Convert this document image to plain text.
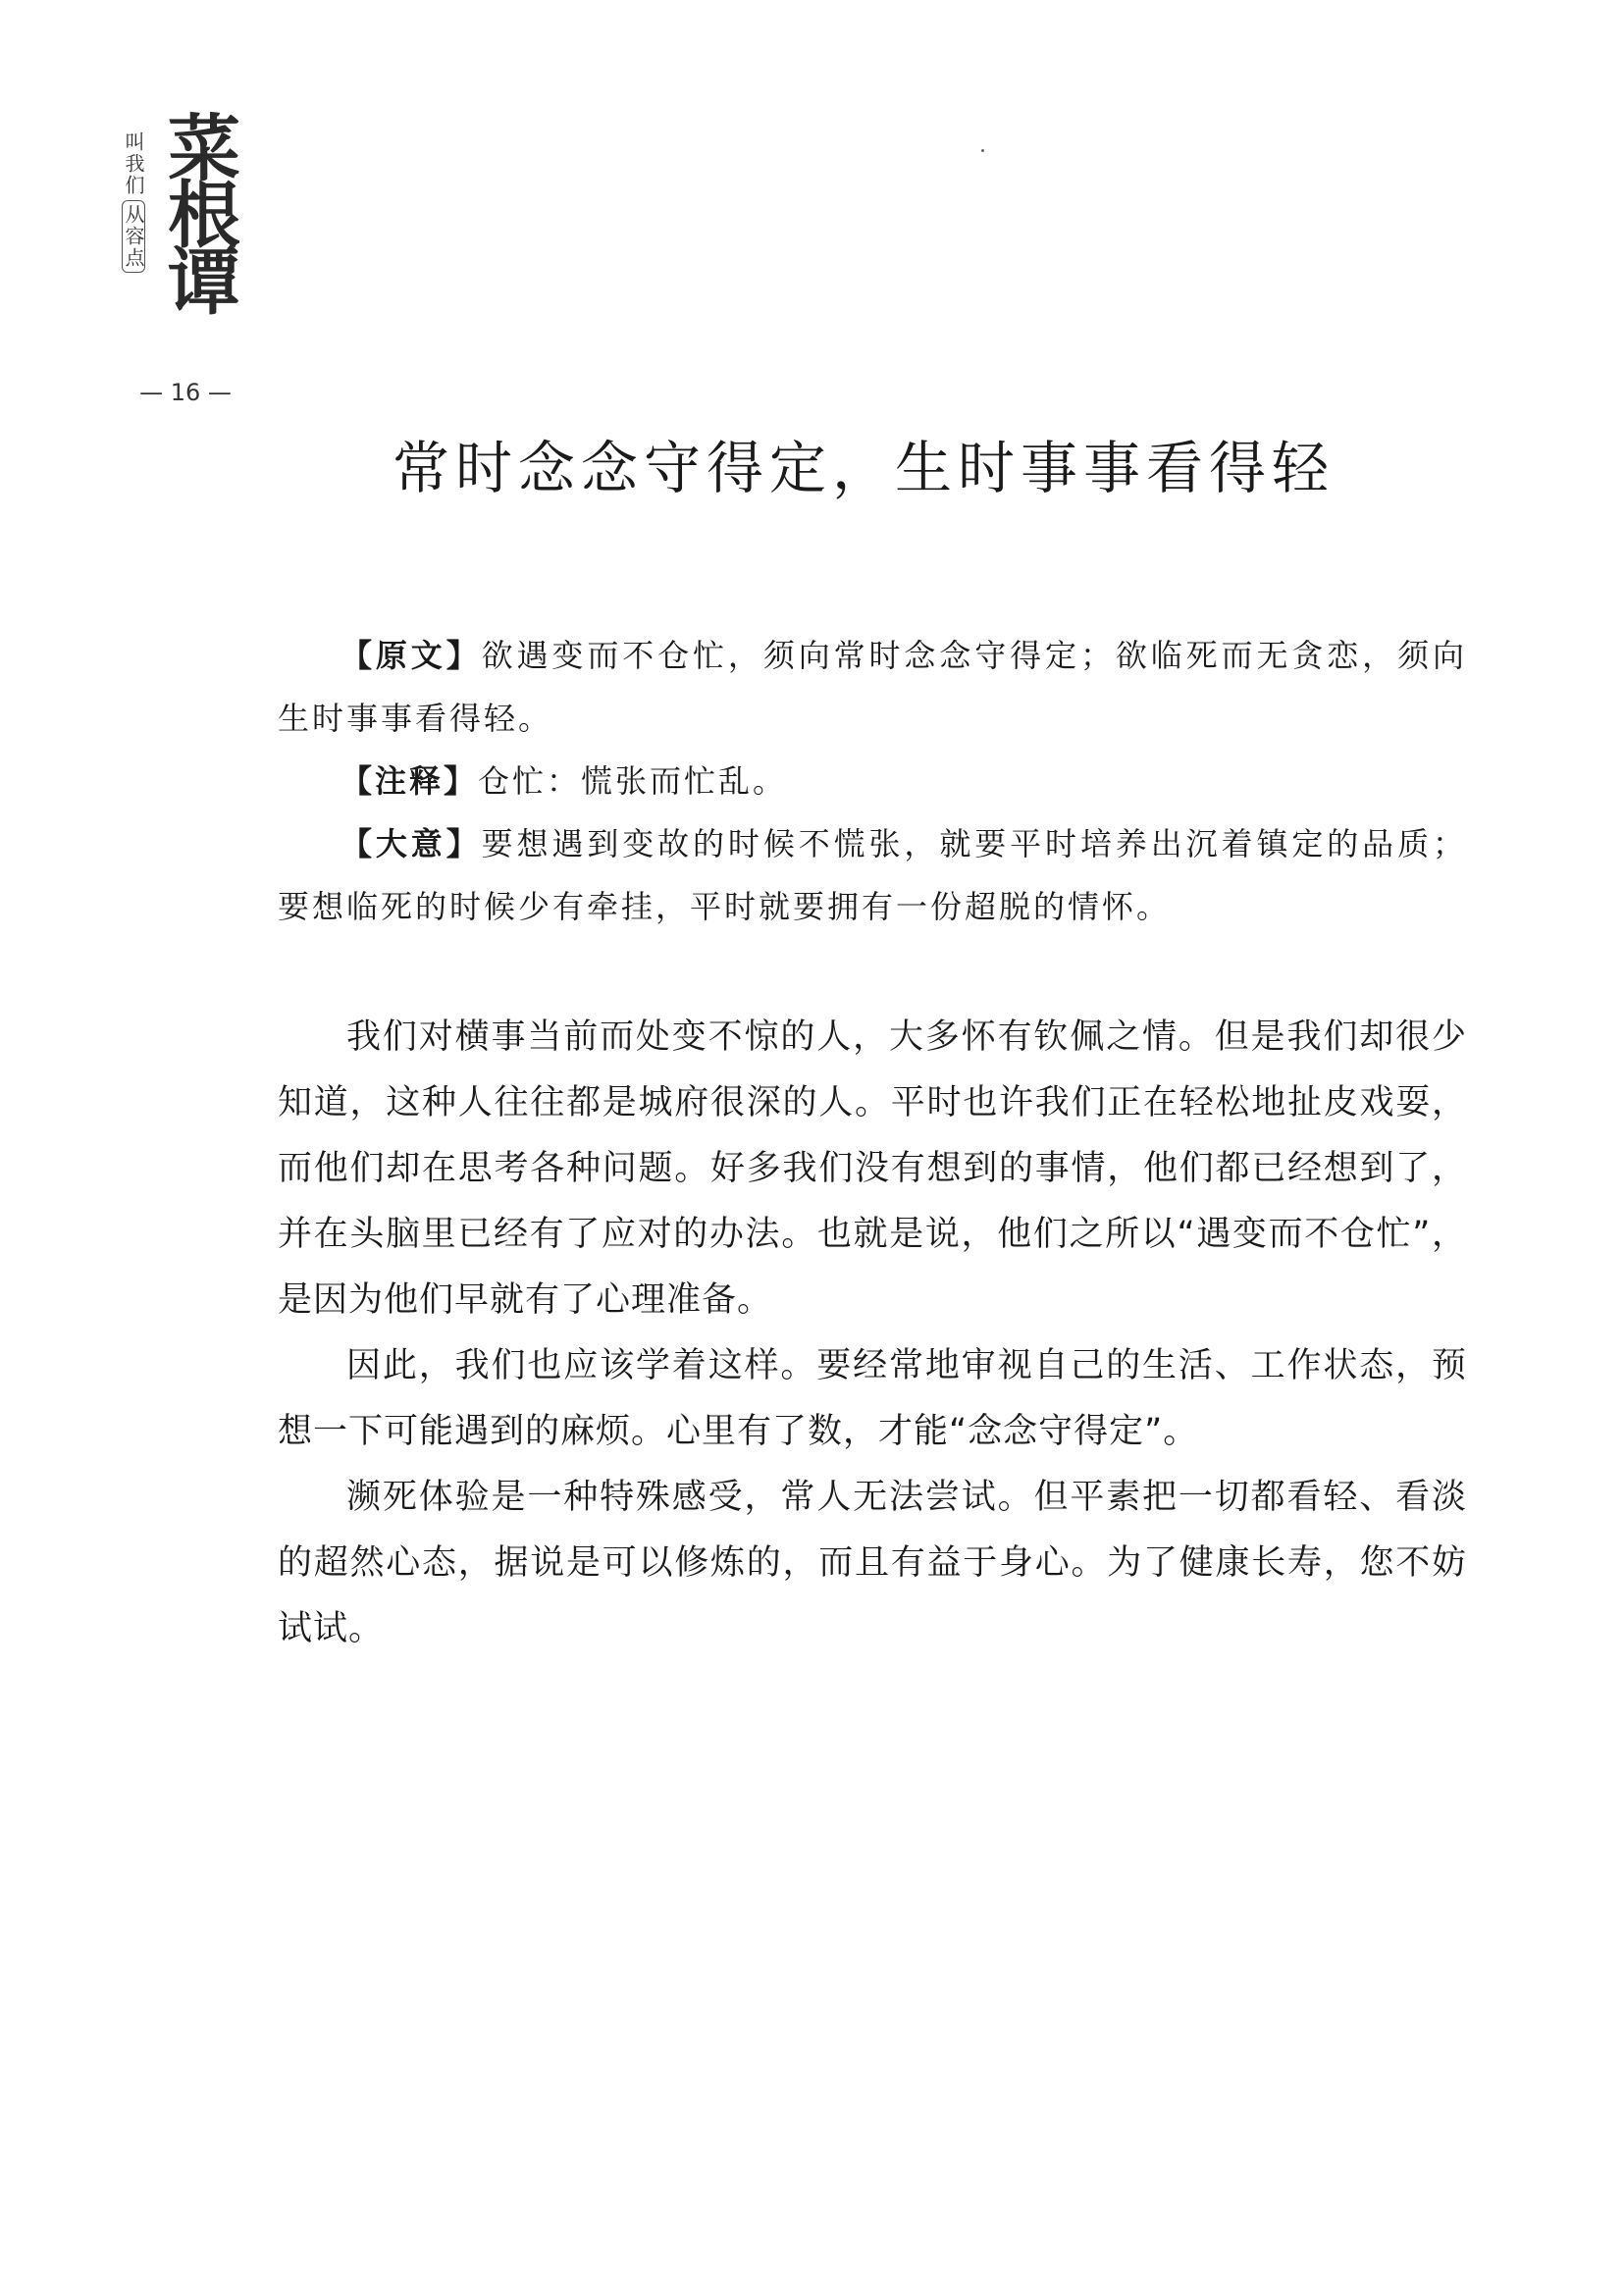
叫我们从容点 菜根谭
— 16 —
常时念念守得定，生时事事看得轻

【原文】欲遇变而不仓忙，须向常时念念守得定；欲临死而无贪恋，须向生时事事看得轻。

【注释】仓忙：慌张而忙乱。

【大意】要想遇到变故的时候不慌张，就要平时培养出沉着镇定的品质；要想临死的时候少有牵挂，平时就要拥有一份超脱的情怀。

我们对横事当前而处变不惊的人，大多怀有钦佩之情。但是我们却很少知道，这种人往往都是城府很深的人。平时也许我们正在轻松地扯皮戏耍，而他们却在思考各种问题。好多我们没有想到的事情，他们都已经想到了，并在头脑里已经有了应对的办法。也就是说，他们之所以“遇变而不仓忙”，是因为他们早就有了心理准备。

因此，我们也应该学着这样。要经常地审视自己的生活、工作状态，预想一下可能遇到的麻烦。心里有了数，才能“念念守得定”。

濒死体验是一种特殊感受，常人无法尝试。但平素把一切都看轻、看淡的超然心态，据说是可以修炼的，而且有益于身心。为了健康长寿，您不妨试试。
